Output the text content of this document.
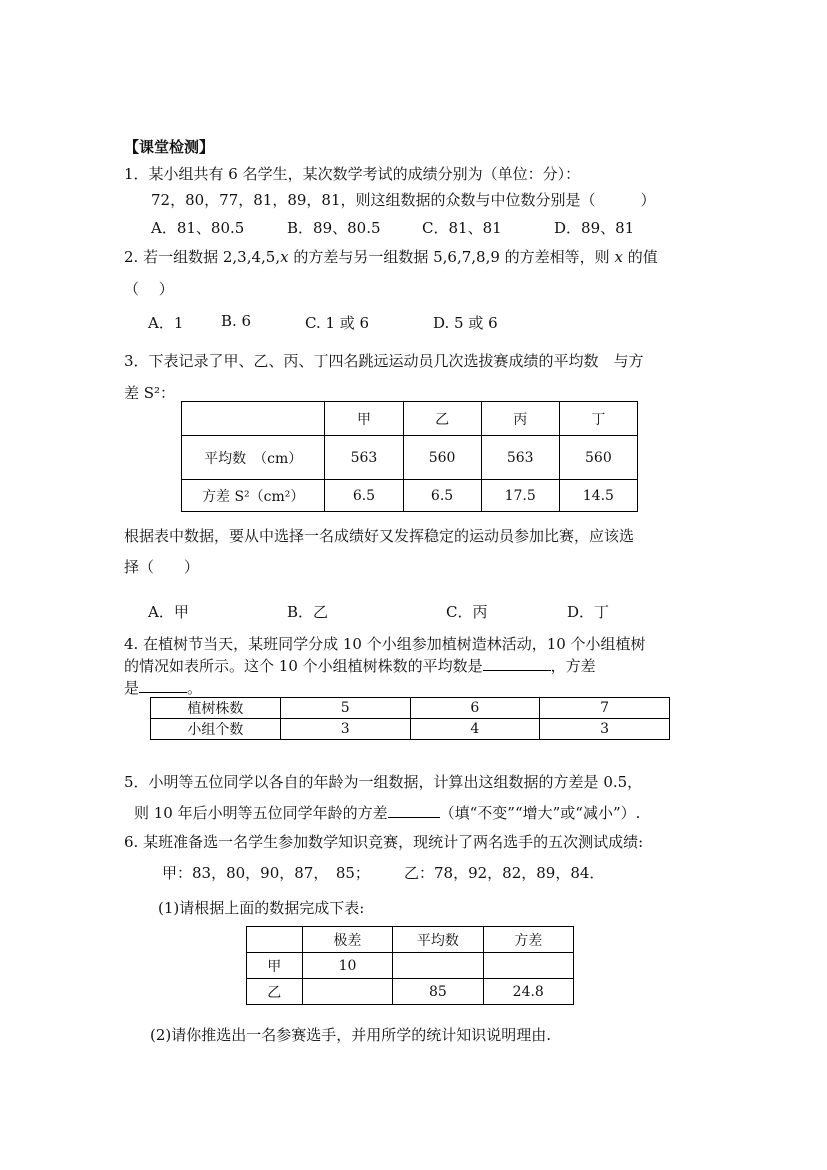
【课堂检测】
1．某小组共有 6 名学生，某次数学考试的成绩分别为（单位：分）：
72，80，77，81，89，81，则这组数据的众数与中位数分别是（　　　）
A．81、80.5	B．89、80.5	C．81、81	D．89、81
2. 若一组数据 2,3,4,5,x 的方差与另一组数据 5,6,7,8,9 的方差相等，则 x 的值
（　 ）
A．1	B. 6	C. 1 或 6	D. 5 或 6
3．下表记录了甲、乙、丙、丁四名跳远运动员几次选拔赛成绩的平均数　与方
差 S²：
	甲	乙	丙	丁
平均数　（cm）	563	560	563	560
方差 S²（cm²）	6.5	6.5	17.5	14.5
根据表中数据，要从中选择一名成绩好又发挥稳定的运动员参加比赛，应该选
择（　　）
A．甲	B．乙	C．丙	D．丁
4. 在植树节当天，某班同学分成 10 个小组参加植树造林活动，10 个小组植树
的情况如表所示。这个 10 个小组植树株数的平均数是	，方差
是	。
植树株数	5	6	7
小组个数	3	4	3
5．小明等五位同学以各自的年龄为一组数据，计算出这组数据的方差是 0.5，
则 10 年后小明等五位同学年龄的方差	（填“不变”“增大”或“减小”）.
6. 某班准备选一名学生参加数学知识竞赛，现统计了两名选手的五次测试成绩:
甲：83，80，90，87，　85； 乙：78，92，82，89，84．
(1)请根据上面的数据完成下表:
	极差	平均数	方差
甲	10		
乙		85	24.8
(2)请你推选出一名参赛选手，并用所学的统计知识说明理由.
